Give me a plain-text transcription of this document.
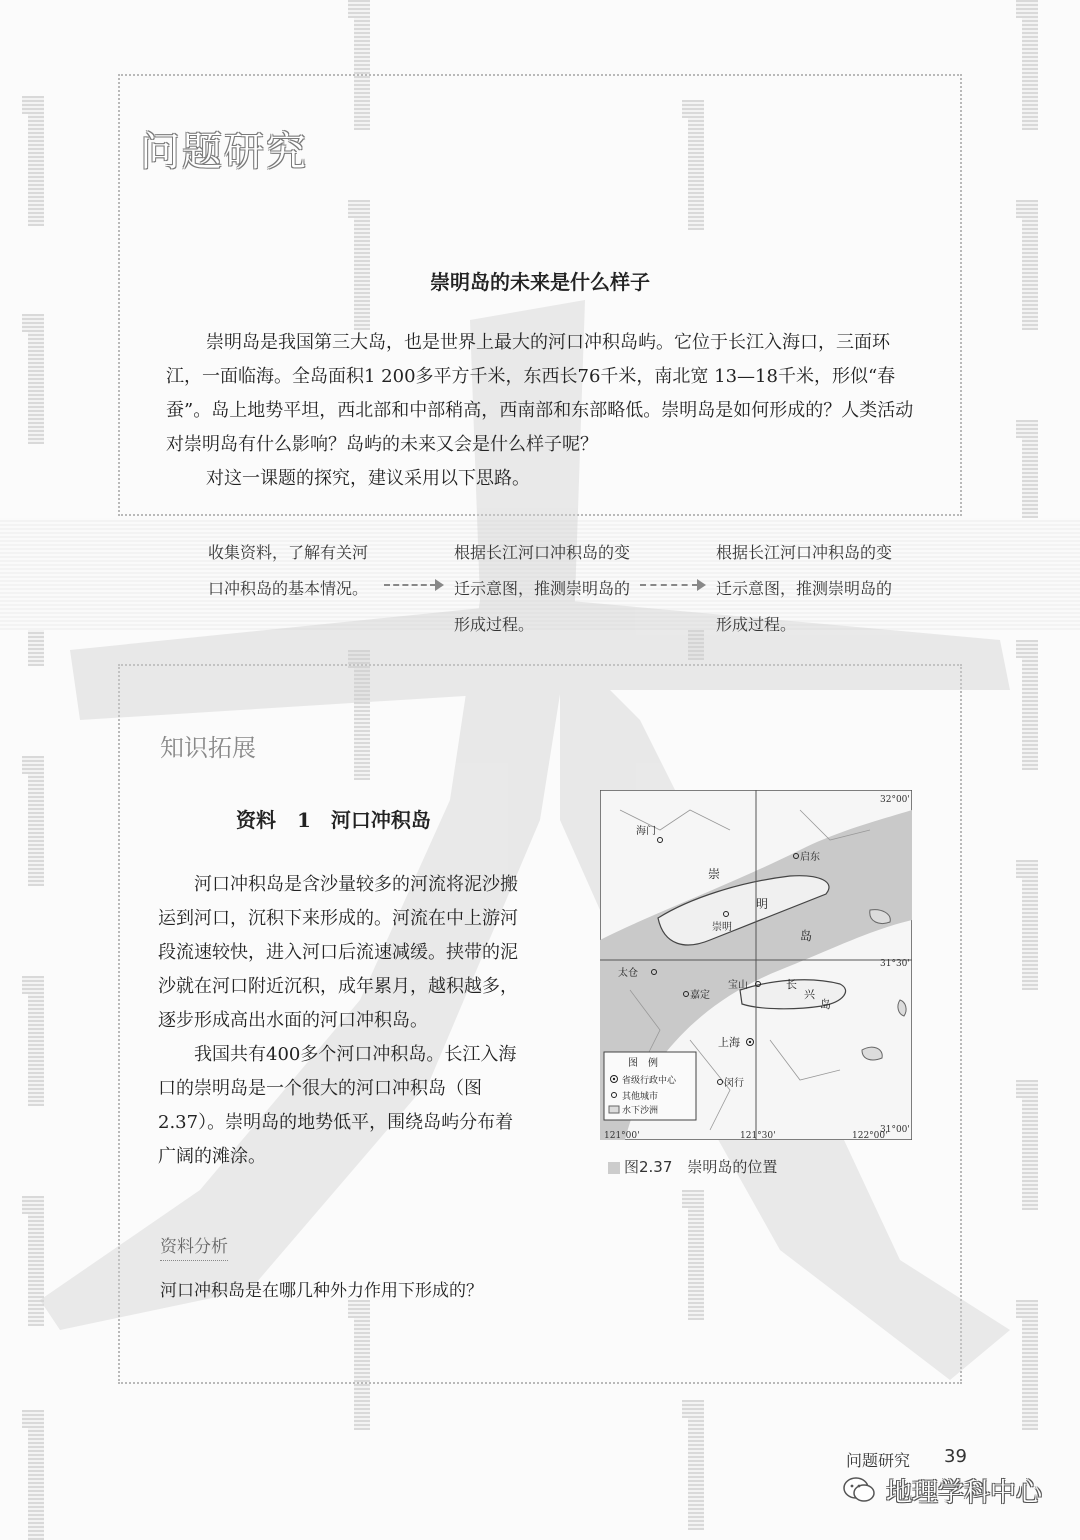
问题研究
崇明岛的未来是什么样子
崇明岛是我国第三大岛，也是世界上最大的河口冲积岛屿。它位于长江入海口，三面环江，一面临海。全岛面积1 200多平方千米，东西长76千米，南北宽 13—18千米，形似“春蚕”。岛上地势平坦，西北部和中部稍高，西南部和东部略低。崇明岛是如何形成的？人类活动对崇明岛有什么影响？岛屿的未来又会是什么样子呢？
对这一课题的探究，建议采用以下思路。
收集资料，了解有关河口冲积岛的基本情况。
根据长江河口冲积岛的变迁示意图，推测崇明岛的形成过程。
根据长江河口冲积岛的变迁示意图，推测崇明岛的形成过程。
知识拓展
资料 1　河口冲积岛
河口冲积岛是含沙量较多的河流将泥沙搬运到河口，沉积下来形成的。河流在中上游河段流速较快，进入河口后流速减缓。挟带的泥沙就在河口附近沉积，成年累月，越积越多，逐步形成高出水面的河口冲积岛。
我国共有400多个河口冲积岛。长江入海口的崇明岛是一个很大的河口冲积岛（图2.37）。崇明岛的地势低平，围绕岛屿分布着广阔的滩涂。
32°00'
31°30'
31°00'
121°00'	121°30'	122°00'
海门
启东
崇
明
崇明
岛
太仓
宝山
嘉定
长
兴
岛
上海
闵行
图　例
省级行政中心
其他城市
水下沙洲
图2.37　崇明岛的位置
资料分析
河口冲积岛是在哪几种外力作用下形成的？
问题研究 39
地理学科中心
